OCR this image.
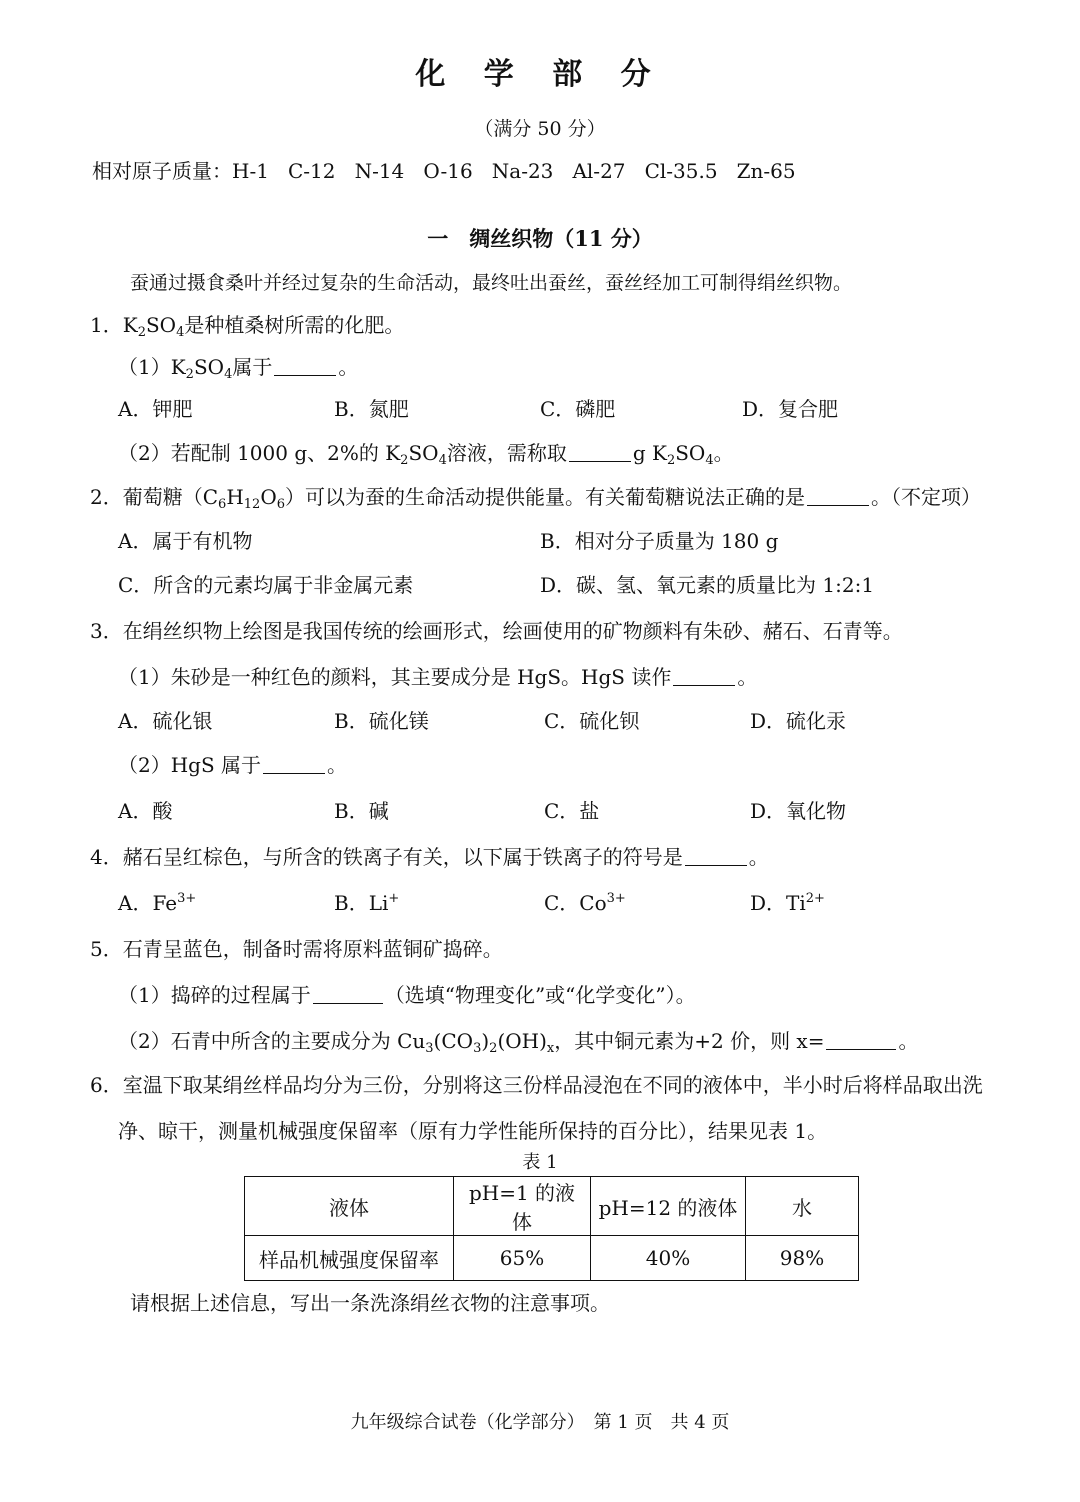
化 学 部 分
（满分 50 分）
相对原子质量：H-1   C-12   N-14   O-16   Na-23   Al-27   Cl-35.5   Zn-65
一　绸丝织物（11 分）
蚕通过摄食桑叶并经过复杂的生命活动，最终吐出蚕丝，蚕丝经加工可制得绢丝织物。
1．$K_2SO_4$是种植桑树所需的化肥。
$(1)K_2SO_4$属于	。
A．钾肥	B．氮肥	C．磷肥	D．复合肥
（2）若配制 1000 g、2%的 $K_2SO_4$溶液，需称取	g $K_2SO_4$。
2．葡萄糖$(C_6H_{12}O_6)$可以为蚕的生命活动提供能量。有关葡萄糖说法正确的是	。（不定项）
A．属于有机物	B．相对分子质量为 180 g
C．所含的元素均属于非金属元素	D．碳、氢、氧元素的质量比为 1:2:1
3．在绢丝织物上绘图是我国传统的绘画形式，绘画使用的矿物颜料有朱砂、赭石、石青等。
（1）朱砂是一种红色的颜料，其主要成分是 HgS。HgS 读作	。
A．硫化银	B．硫化镁	C．硫化钡	D．硫化汞
（2）HgS 属于	。
A．酸	B．碱	C．盐	D．氧化物
4．赭石呈红棕色，与所含的铁离子有关，以下属于铁离子的符号是	。
A．$Fe^{3+}$	B．Li+	C．$Co^{3+}$	D．$Ti^{2+}$
5．石青呈蓝色，制备时需将原料蓝铜矿捣碎。
（1）捣碎的过程属于	（选填“物理变化”或“化学变化”）。
（2）石青中所含的主要成分为 $Cu_3(CO_3)_2(OH)_x$，其中铜元素为+2 价，则 x=	。
6．室温下取某绢丝样品均分为三份，分别将这三份样品浸泡在不同的液体中，半小时后将样品取出洗
净、晾干，测量机械强度保留率（原有力学性能所保持的百分比），结果见表 1。
表 1
液体	pH=1 的液体	pH=12 的液体	水
样品机械强度保留率	65%	40%	98%
请根据上述信息，写出一条洗涤绢丝衣物的注意事项。
九年级综合试卷（化学部分）　第 1 页　共 4 页
